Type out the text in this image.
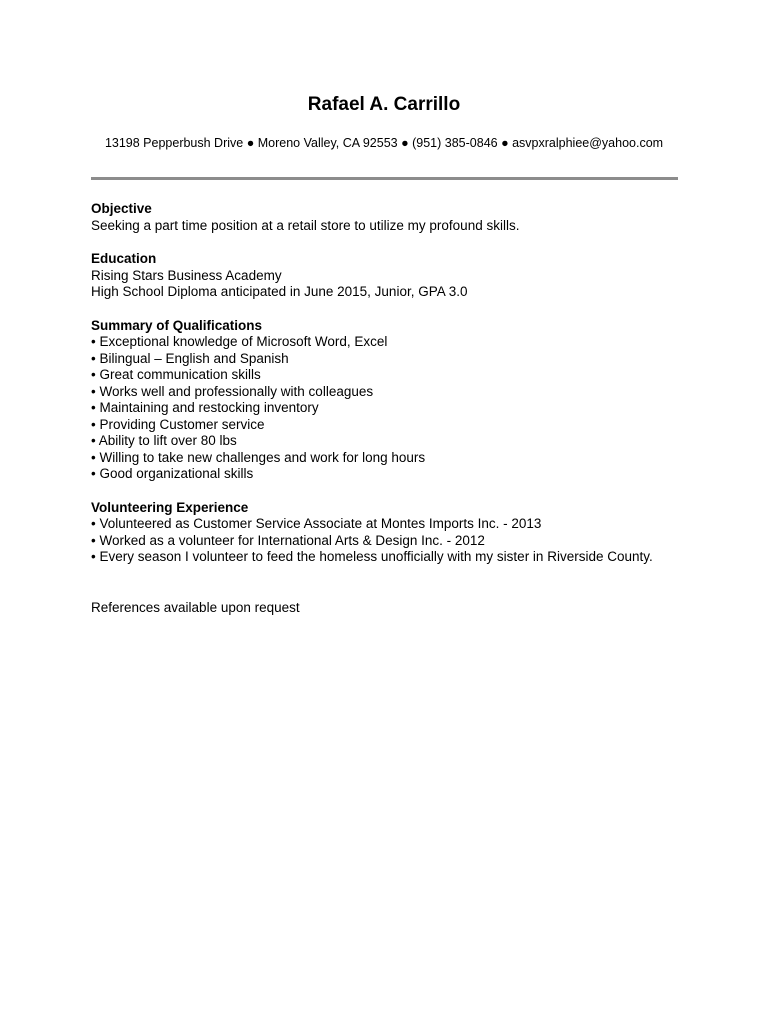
Rafael A. Carrillo
13198 Pepperbush Drive ● Moreno Valley, CA 92553 ● (951) 385-0846 ● asvpxralphiee@yahoo.com
Objective
Seeking a part time position at a retail store to utilize my profound skills.
Education
Rising Stars Business Academy
High School Diploma anticipated in June 2015, Junior, GPA 3.0
Summary of Qualifications
• Exceptional knowledge of Microsoft Word, Excel
• Bilingual – English and Spanish
• Great communication skills
• Works well and professionally with colleagues
• Maintaining and restocking inventory
• Providing Customer service
• Ability to lift over 80 lbs
• Willing to take new challenges and work for long hours
• Good organizational skills
Volunteering Experience
• Volunteered as Customer Service Associate at Montes Imports Inc. - 2013
• Worked as a volunteer for International Arts & Design Inc. - 2012
• Every season I volunteer to feed the homeless unofficially with my sister in Riverside County.
References available upon request
